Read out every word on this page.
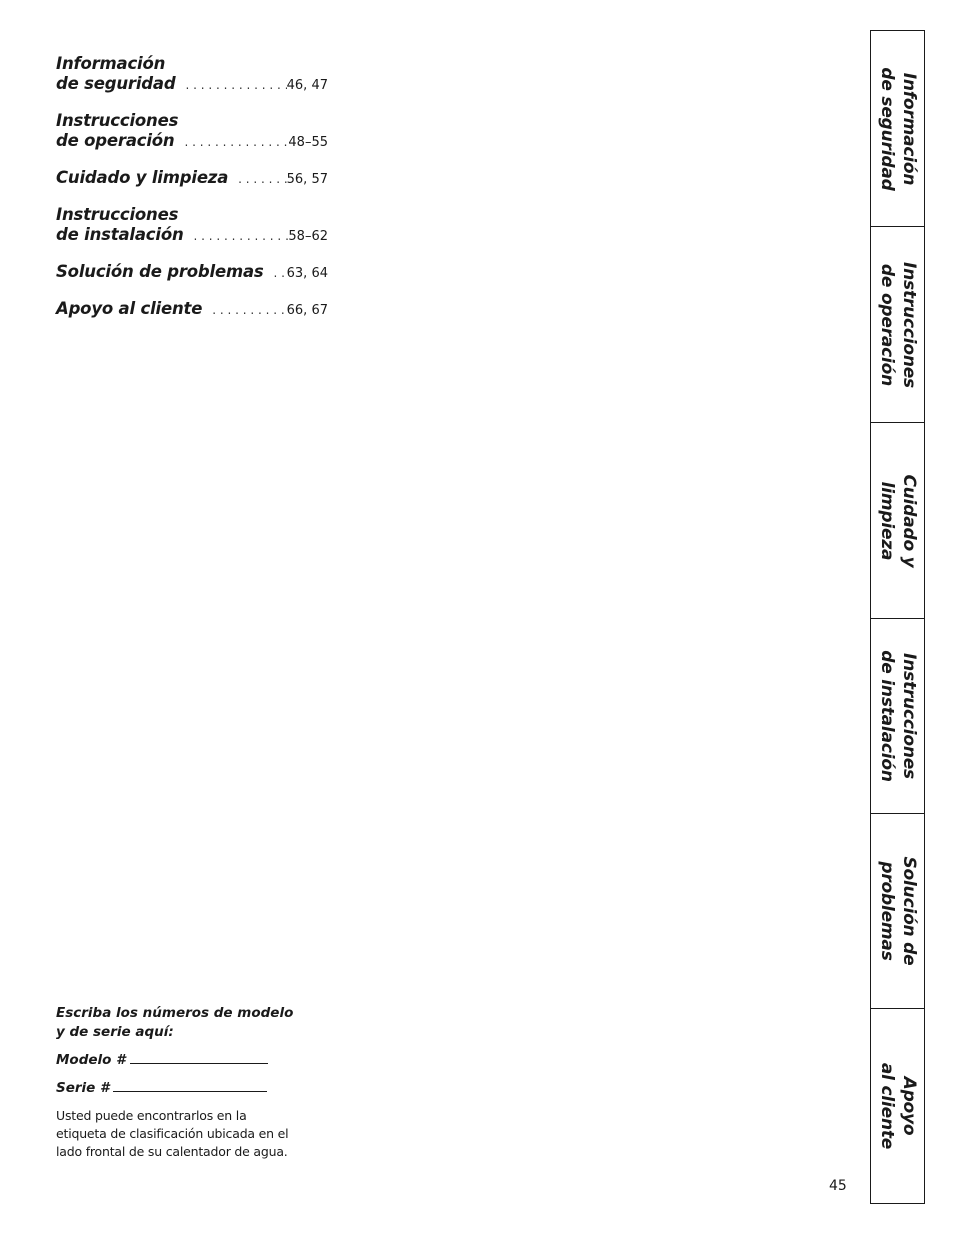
Información
de seguridad . . .	46, 47
Instrucciones
de operación . . .	48–55
Cuidado y limpieza . . .	56, 57
Instrucciones
de instalación . . .	58–62
Solución de problemas . . . 63, 64
Apoyo al cliente . . .	66, 67
Escriba los números de modelo
y de serie aquí:
Modelo #
Serie #
Usted puede encontrarlos en la
etiqueta de clasificación ubicada en el
lado frontal de su calentador de agua.
Información
de seguridad
Instrucciones
de operación
Cuidado y
limpieza
Instrucciones
de instalación
Solución de
problemas
Apoyo
al cliente
45
